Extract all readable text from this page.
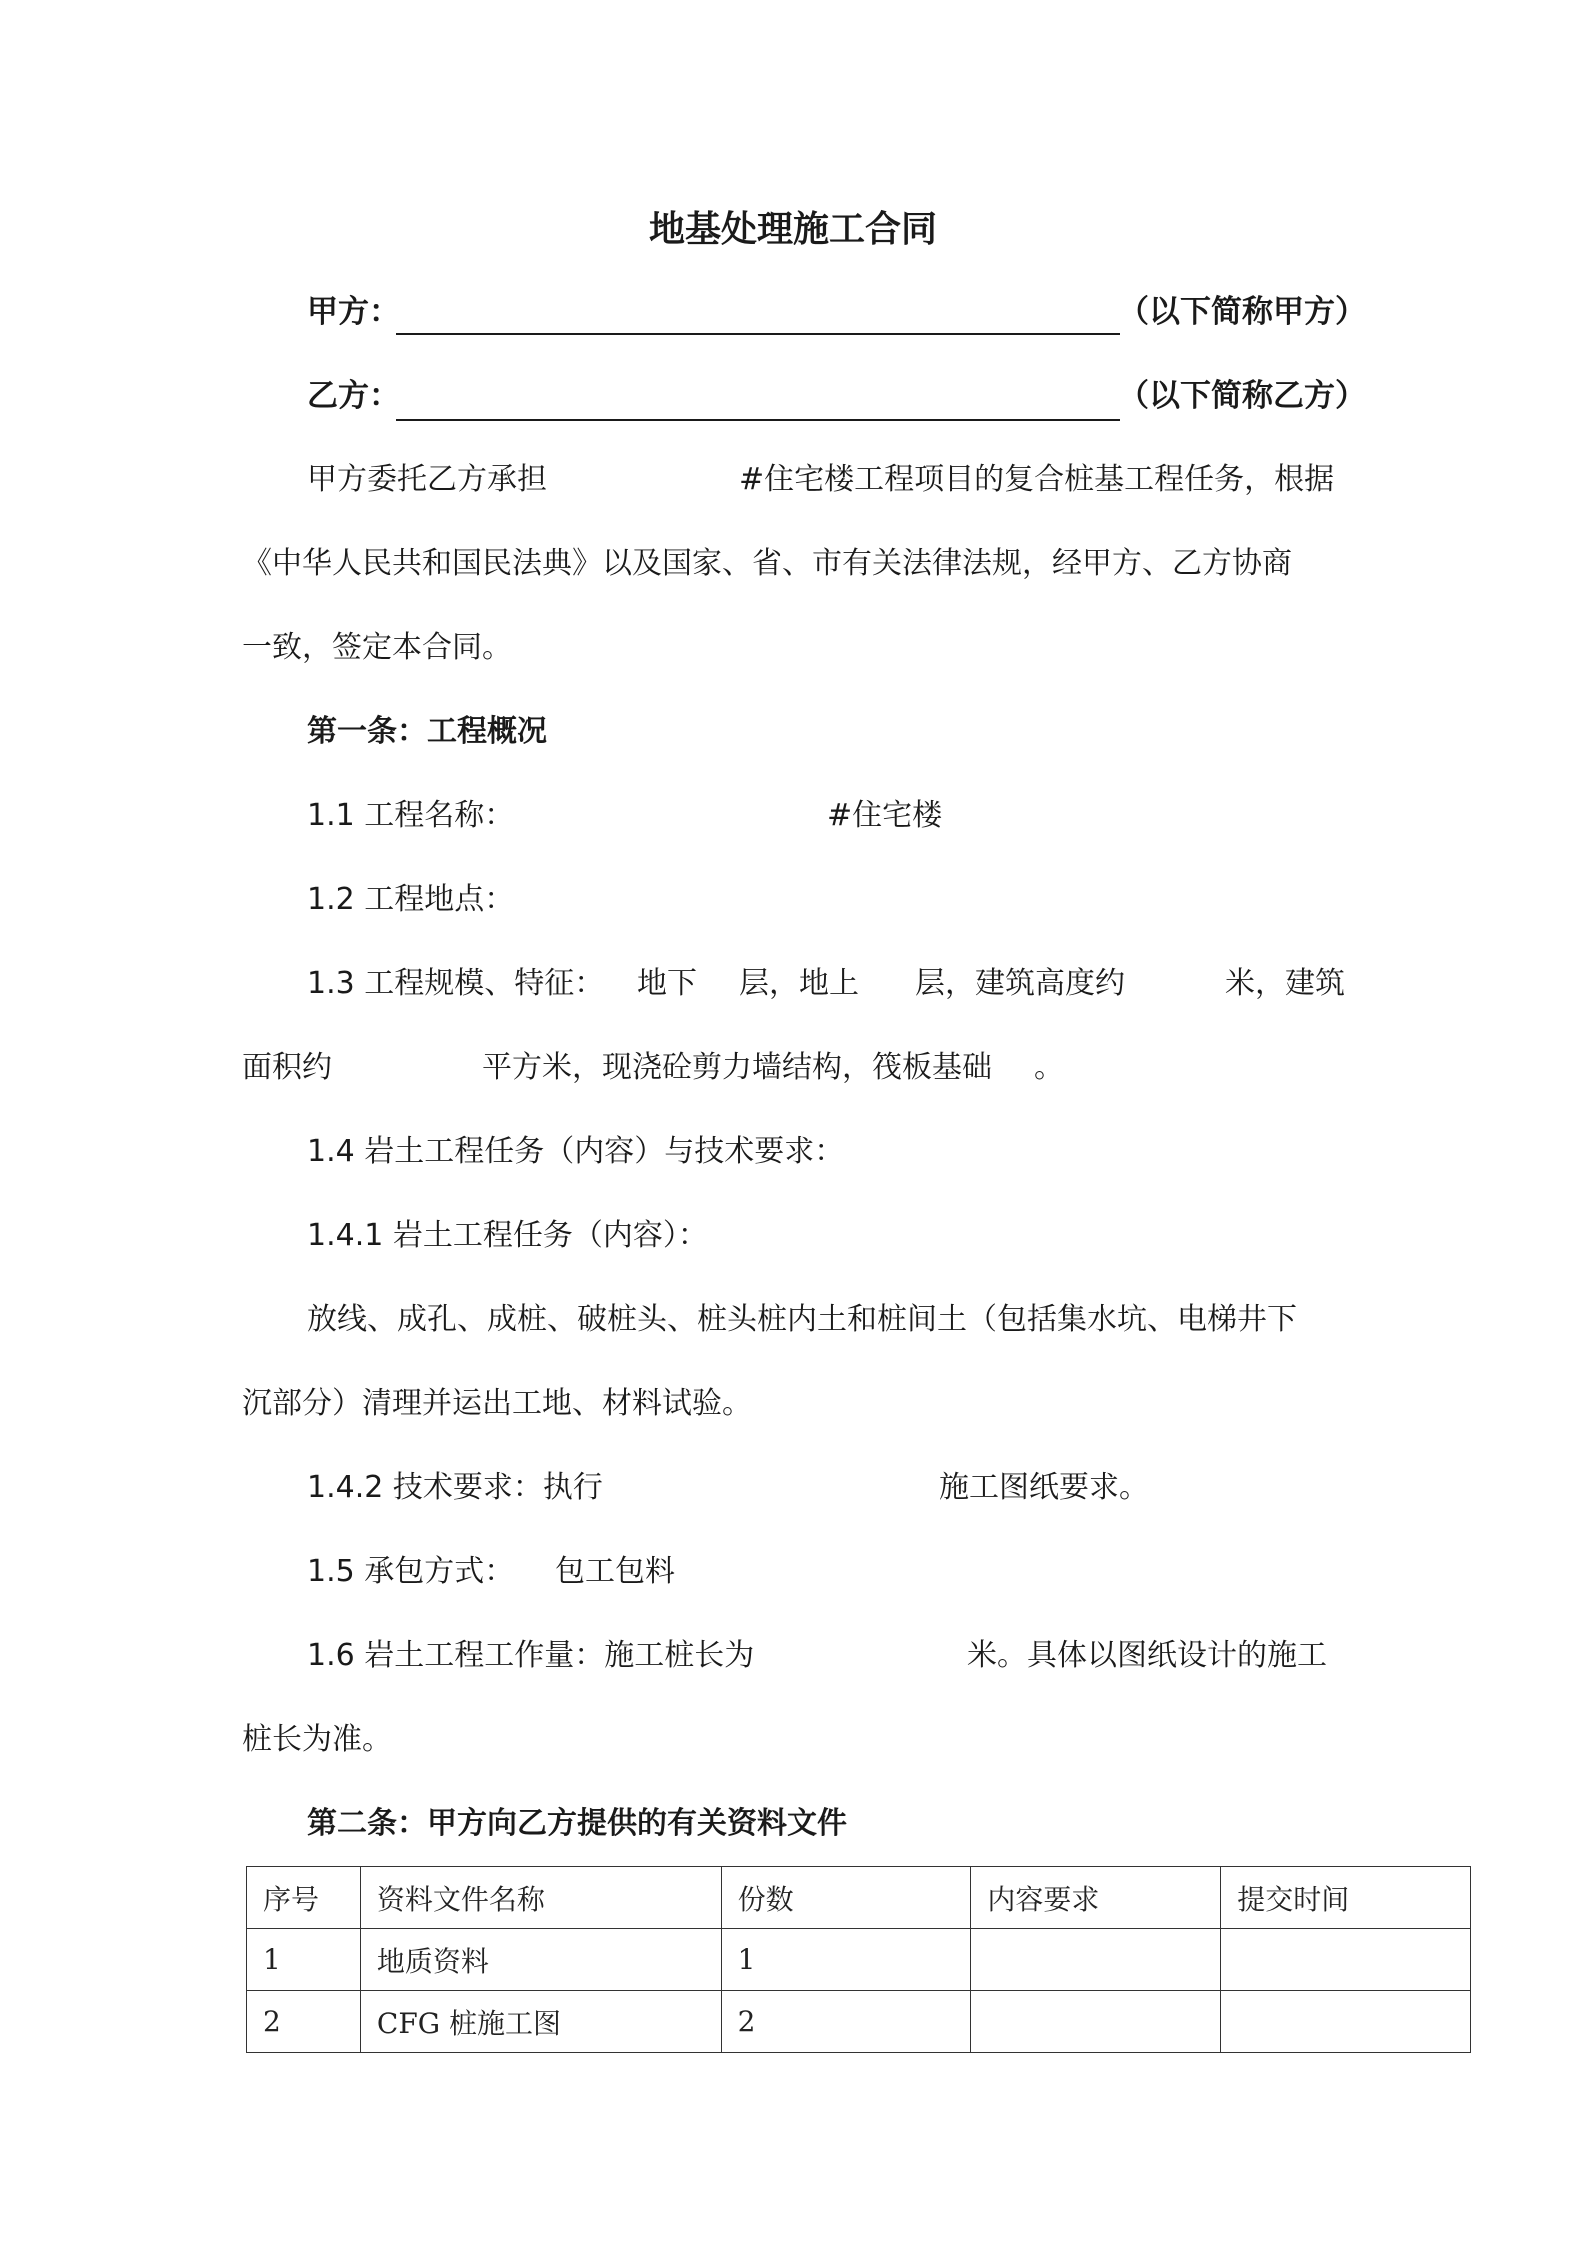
地基处理施工合同
甲方：	（以下简称甲方）
乙方：	（以下简称乙方）
甲方委托乙方承担	#住宅楼工程项目的复合桩基工程任务，根据
《中华人民共和国民法典》以及国家、省、市有关法律法规，经甲方、乙方协商
一致，签定本合同。
第一条：工程概况
1.1 工程名称：	#住宅楼
1.2 工程地点：
1.3 工程规模、特征： 地下 层，地上 层，建筑高度约	米，建筑
面积约	平方米，现浇砼剪力墙结构，筏板基础 。
1.4 岩土工程任务（内容）与技术要求：
1.4.1 岩土工程任务（内容）：
放线、成孔、成桩、破桩头、桩头桩内土和桩间土（包括集水坑、电梯井下
沉部分）清理并运出工地、材料试验。
1.4.2 技术要求：执行	施工图纸要求。
1.5 承包方式： 包工包料
1.6 岩土工程工作量：施工桩长为	米。具体以图纸设计的施工
桩长为准。
第二条：甲方向乙方提供的有关资料文件
序号	资料文件名称	份数	内容要求	提交时间
1	地质资料	1		
2	CFG 桩施工图	2		
